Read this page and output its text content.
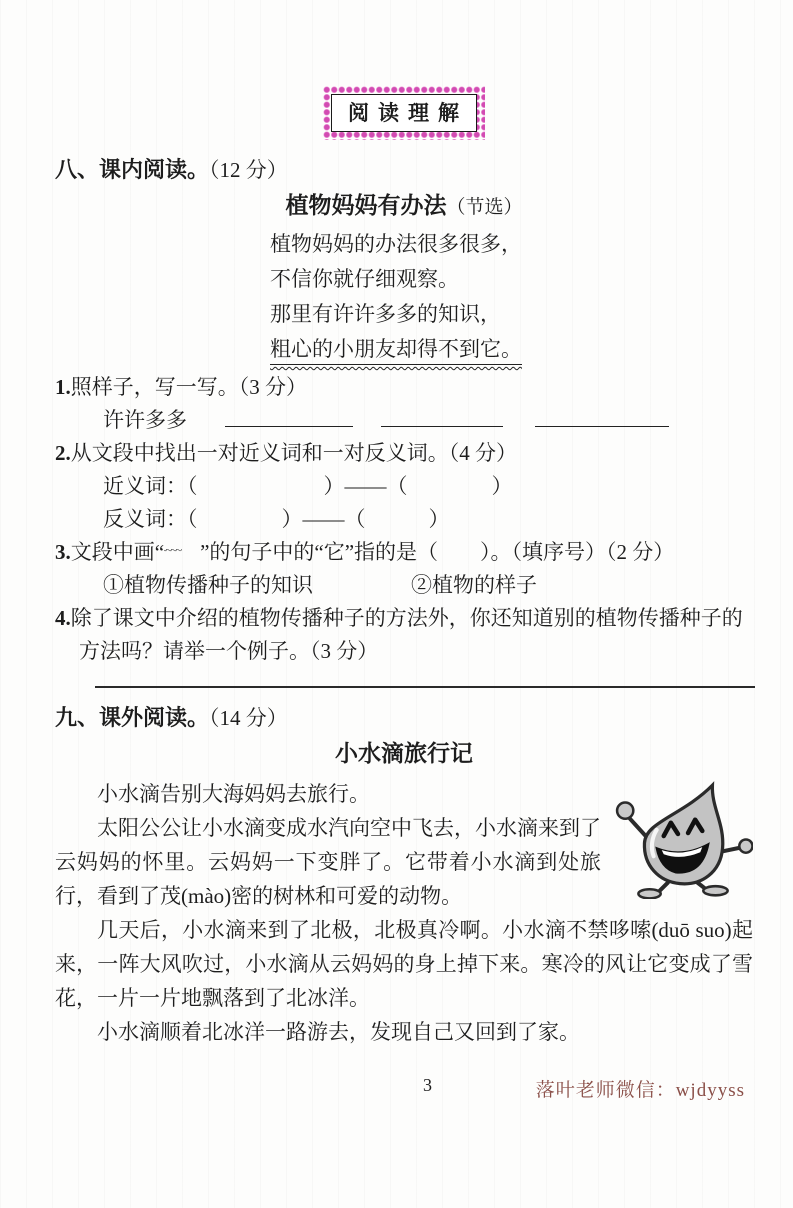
阅读理解
八、课内阅读。（12 分）
植物妈妈有办法（节选）

植物妈妈的办法很多很多，

不信你就仔细观察。

那里有许许多多的知识，

粗心的小朋友却得不到它。

1.照样子，写一写。（3 分）

许许多多

2.从文段中找出一对近义词和一对反义词。（4 分）

近义词：（　　　　　　）——（　　　　）

反义词：（　　　　）——（　　　）

3.文段中画“ ~~~~~~~~ ”的句子中的“它”指的是（　　）。（填序号）（2 分）

①植物传播种子的知识	②植物的样子

4.除了课文中介绍的植物传播种子的方法外，你还知道别的植物传播种子的方法吗？请举一个例子。（3 分）

九、课外阅读。（14 分）
小水滴旅行记

小水滴告别大海妈妈去旅行。

太阳公公让小水滴变成水汽向空中飞去，小水滴来到了云妈妈的怀里。云妈妈一下变胖了。它带着小水滴到处旅行，看到了茂(mào)密的树林和可爱的动物。

几天后，小水滴来到了北极，北极真冷啊。小水滴不禁哆嗦(duō suo)起来，一阵大风吹过，小水滴从云妈妈的身上掉下来。寒冷的风让它变成了雪花，一片一片地飘落到了北冰洋。

小水滴顺着北冰洋一路游去，发现自己又回到了家。

3	落叶老师微信：wjdyyss
